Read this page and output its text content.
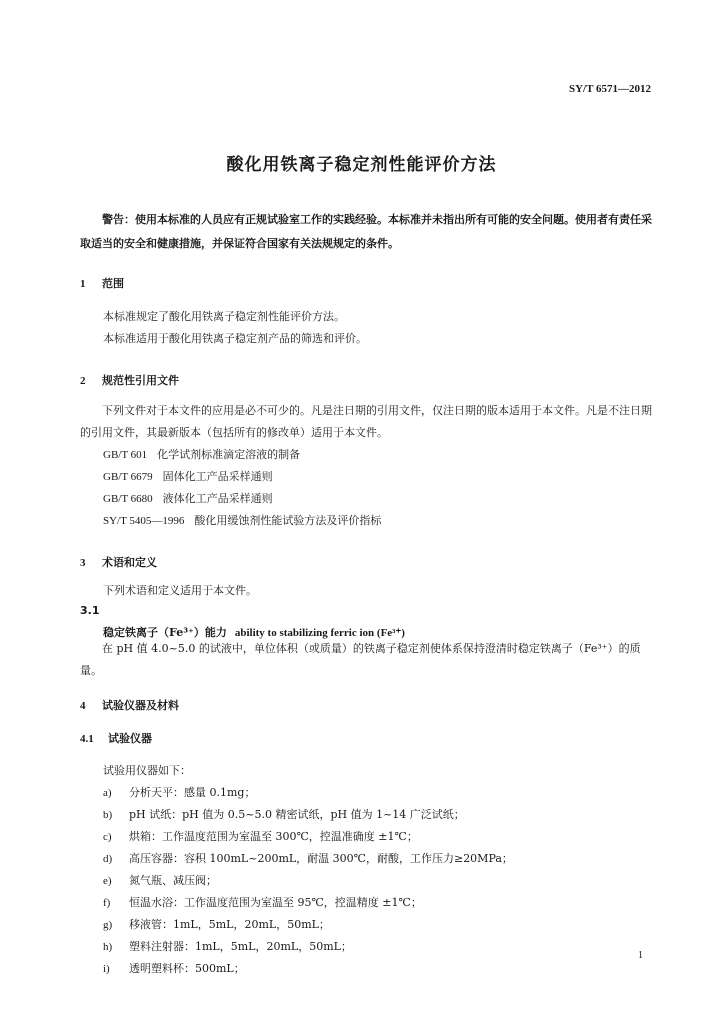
SY/T 6571—2012

酸化用铁离子稳定剂性能评价方法

警告：使用本标准的人员应有正规试验室工作的实践经验。本标准并未指出所有可能的安全问题。使用者有责任采取适当的安全和健康措施，并保证符合国家有关法规规定的条件。

1 范围

本标准规定了酸化用铁离子稳定剂性能评价方法。

本标准适用于酸化用铁离子稳定剂产品的筛选和评价。

2 规范性引用文件

下列文件对于本文件的应用是必不可少的。凡是注日期的引用文件，仅注日期的版本适用于本文件。凡是不注日期的引用文件，其最新版本（包括所有的修改单）适用于本文件。

GB/T 601 化学试剂标准滴定溶液的制备
GB/T 6679 固体化工产品采样通则
GB/T 6680 液体化工产品采样通则
SY/T 5405—1996 酸化用缓蚀剂性能试验方法及评价指标
3 术语和定义

下列术语和定义适用于本文件。

3.1

稳定铁离子（Fe³⁺）能力 ability to stabilizing ferric ion (Fe³⁺)

在 pH 值 4.0~5.0 的试液中，单位体积（或质量）的铁离子稳定剂使体系保持澄清时稳定铁离子（Fe³⁺）的质量。

4 试验仪器及材料
4.1 试验仪器

试验用仪器如下：

a) 分析天平：感量 0.1mg；
b) pH 试纸：pH 值为 0.5~5.0 精密试纸，pH 值为 1~14 广泛试纸；
c) 烘箱：工作温度范围为室温至 300℃，控温准确度 ±1℃；
d) 高压容器：容积 100mL~200mL，耐温 300℃，耐酸，工作压力≥20MPa；
e) 氮气瓶、减压阀；
f) 恒温水浴：工作温度范围为室温至 95℃，控温精度 ±1℃；
g) 移液管：1mL，5mL，20mL，50mL；
h) 塑料注射器：1mL，5mL，20mL，50mL；
i) 透明塑料杯：500mL；

1
